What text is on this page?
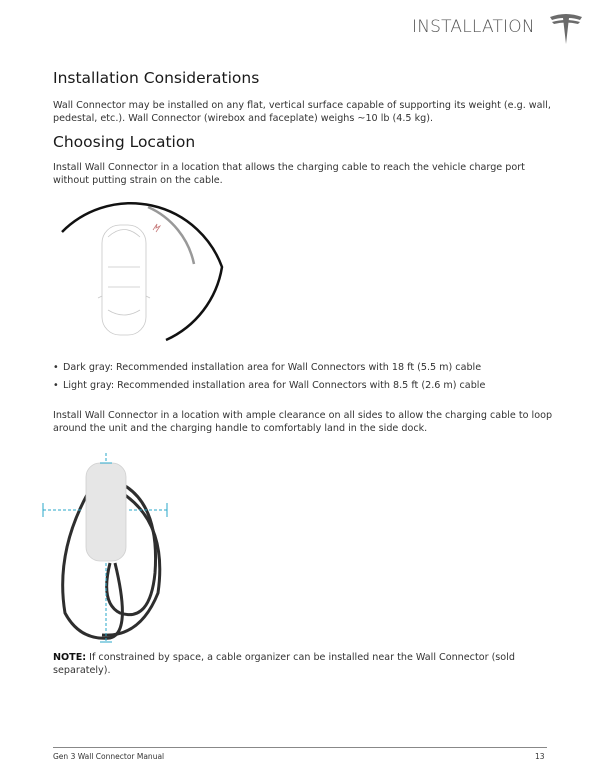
INSTALLATION
Installation Considerations

Wall Connector may be installed on any flat, vertical surface capable of supporting its weight (e.g. wall, pedestal, etc.). Wall Connector (wirebox and faceplate) weighs ~10 lb (4.5 kg).

Choosing Location

Install Wall Connector in a location that allows the charging cable to reach the vehicle charge port without putting strain on the cable.

• Dark gray: Recommended installation area for Wall Connectors with 18 ft (5.5 m) cable
• Light gray: Recommended installation area for Wall Connectors with 8.5 ft (2.6 m) cable

Install Wall Connector in a location with ample clearance on all sides to allow the charging cable to loop around the unit and the charging handle to comfortably land in the side dock.

NOTE: If constrained by space, a cable organizer can be installed near the Wall Connector (sold separately).

Gen 3 Wall Connector Manual	13
